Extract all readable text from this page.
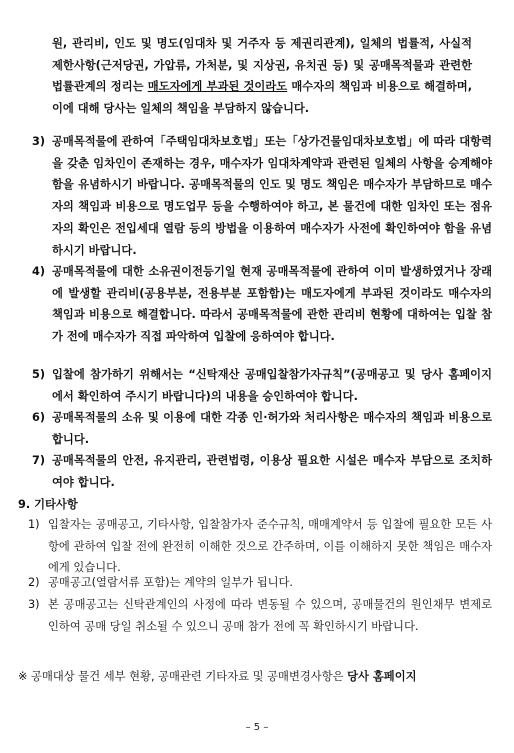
원, 관리비, 인도 및 명도(임대차 및 거주자 등 제권리관계), 일체의 법률적, 사실적 제한사항(근저당권, 가압류, 가처분, 및 지상권, 유치권 등) 및 공매목적물과 관련한 법률관계의 정리는 매도자에게 부과된 것이라도 매수자의 책임과 비용으로 해결하며, 이에 대해 당사는 일체의 책임을 부담하지 않습니다.
3) 공매목적물에 관하여「주택임대차보호법」또는「상가건물임대차보호법」에 따라 대항력을 갖춘 임차인이 존재하는 경우, 매수자가 임대차계약과 관련된 일체의 사항을 승계해야 함을 유념하시기 바랍니다. 공매목적물의 인도 및 명도 책임은 매수자가 부담하므로 매수자의 책임과 비용으로 명도업무 등을 수행하여야 하고, 본 물건에 대한 임차인 또는 점유자의 확인은 전입세대 열람 등의 방법을 이용하여 매수자가 사전에 확인하여야 함을 유념하시기 바랍니다.
4) 공매목적물에 대한 소유권이전등기일 현재 공매목적물에 관하여 이미 발생하였거나 장래에 발생할 관리비(공용부분, 전용부분 포함함)는 매도자에게 부과된 것이라도 매수자의 책임과 비용으로 해결합니다. 따라서 공매목적물에 관한 관리비 현황에 대하여는 입찰 참가 전에 매수자가 직접 파악하여 입찰에 응하여야 합니다.
5) 입찰에 참가하기 위해서는 “신탁재산 공매입찰참가자규칙”(공매공고 및 당사 홈페이지에서 확인하여 주시기 바랍니다)의 내용을 승인하여야 합니다.
6) 공매목적물의 소유 및 이용에 대한 각종 인·허가와 처리사항은 매수자의 책임과 비용으로 합니다.
7) 공매목적물의 안전, 유지관리, 관련법령, 이용상 필요한 시설은 매수자 부담으로 조치하여야 합니다.
9. 기타사항
1) 입찰자는 공매공고, 기타사항, 입찰참가자 준수규칙, 매매계약서 등 입찰에 필요한 모든 사항에 관하여 입찰 전에 완전히 이해한 것으로 간주하며, 이를 이해하지 못한 책임은 매수자에게 있습니다.
2) 공매공고(열람서류 포함)는 계약의 일부가 됩니다.
3) 본 공매공고는 신탁관계인의 사정에 따라 변동될 수 있으며, 공매물건의 원인채무 변제로 인하여 공매 당일 취소될 수 있으니 공매 참가 전에 꼭 확인하시기 바랍니다.
※ 공매대상 물건 세부 현황, 공매관련 기타자료 및 공매변경사항은 당사 홈페이지
– 5 –
